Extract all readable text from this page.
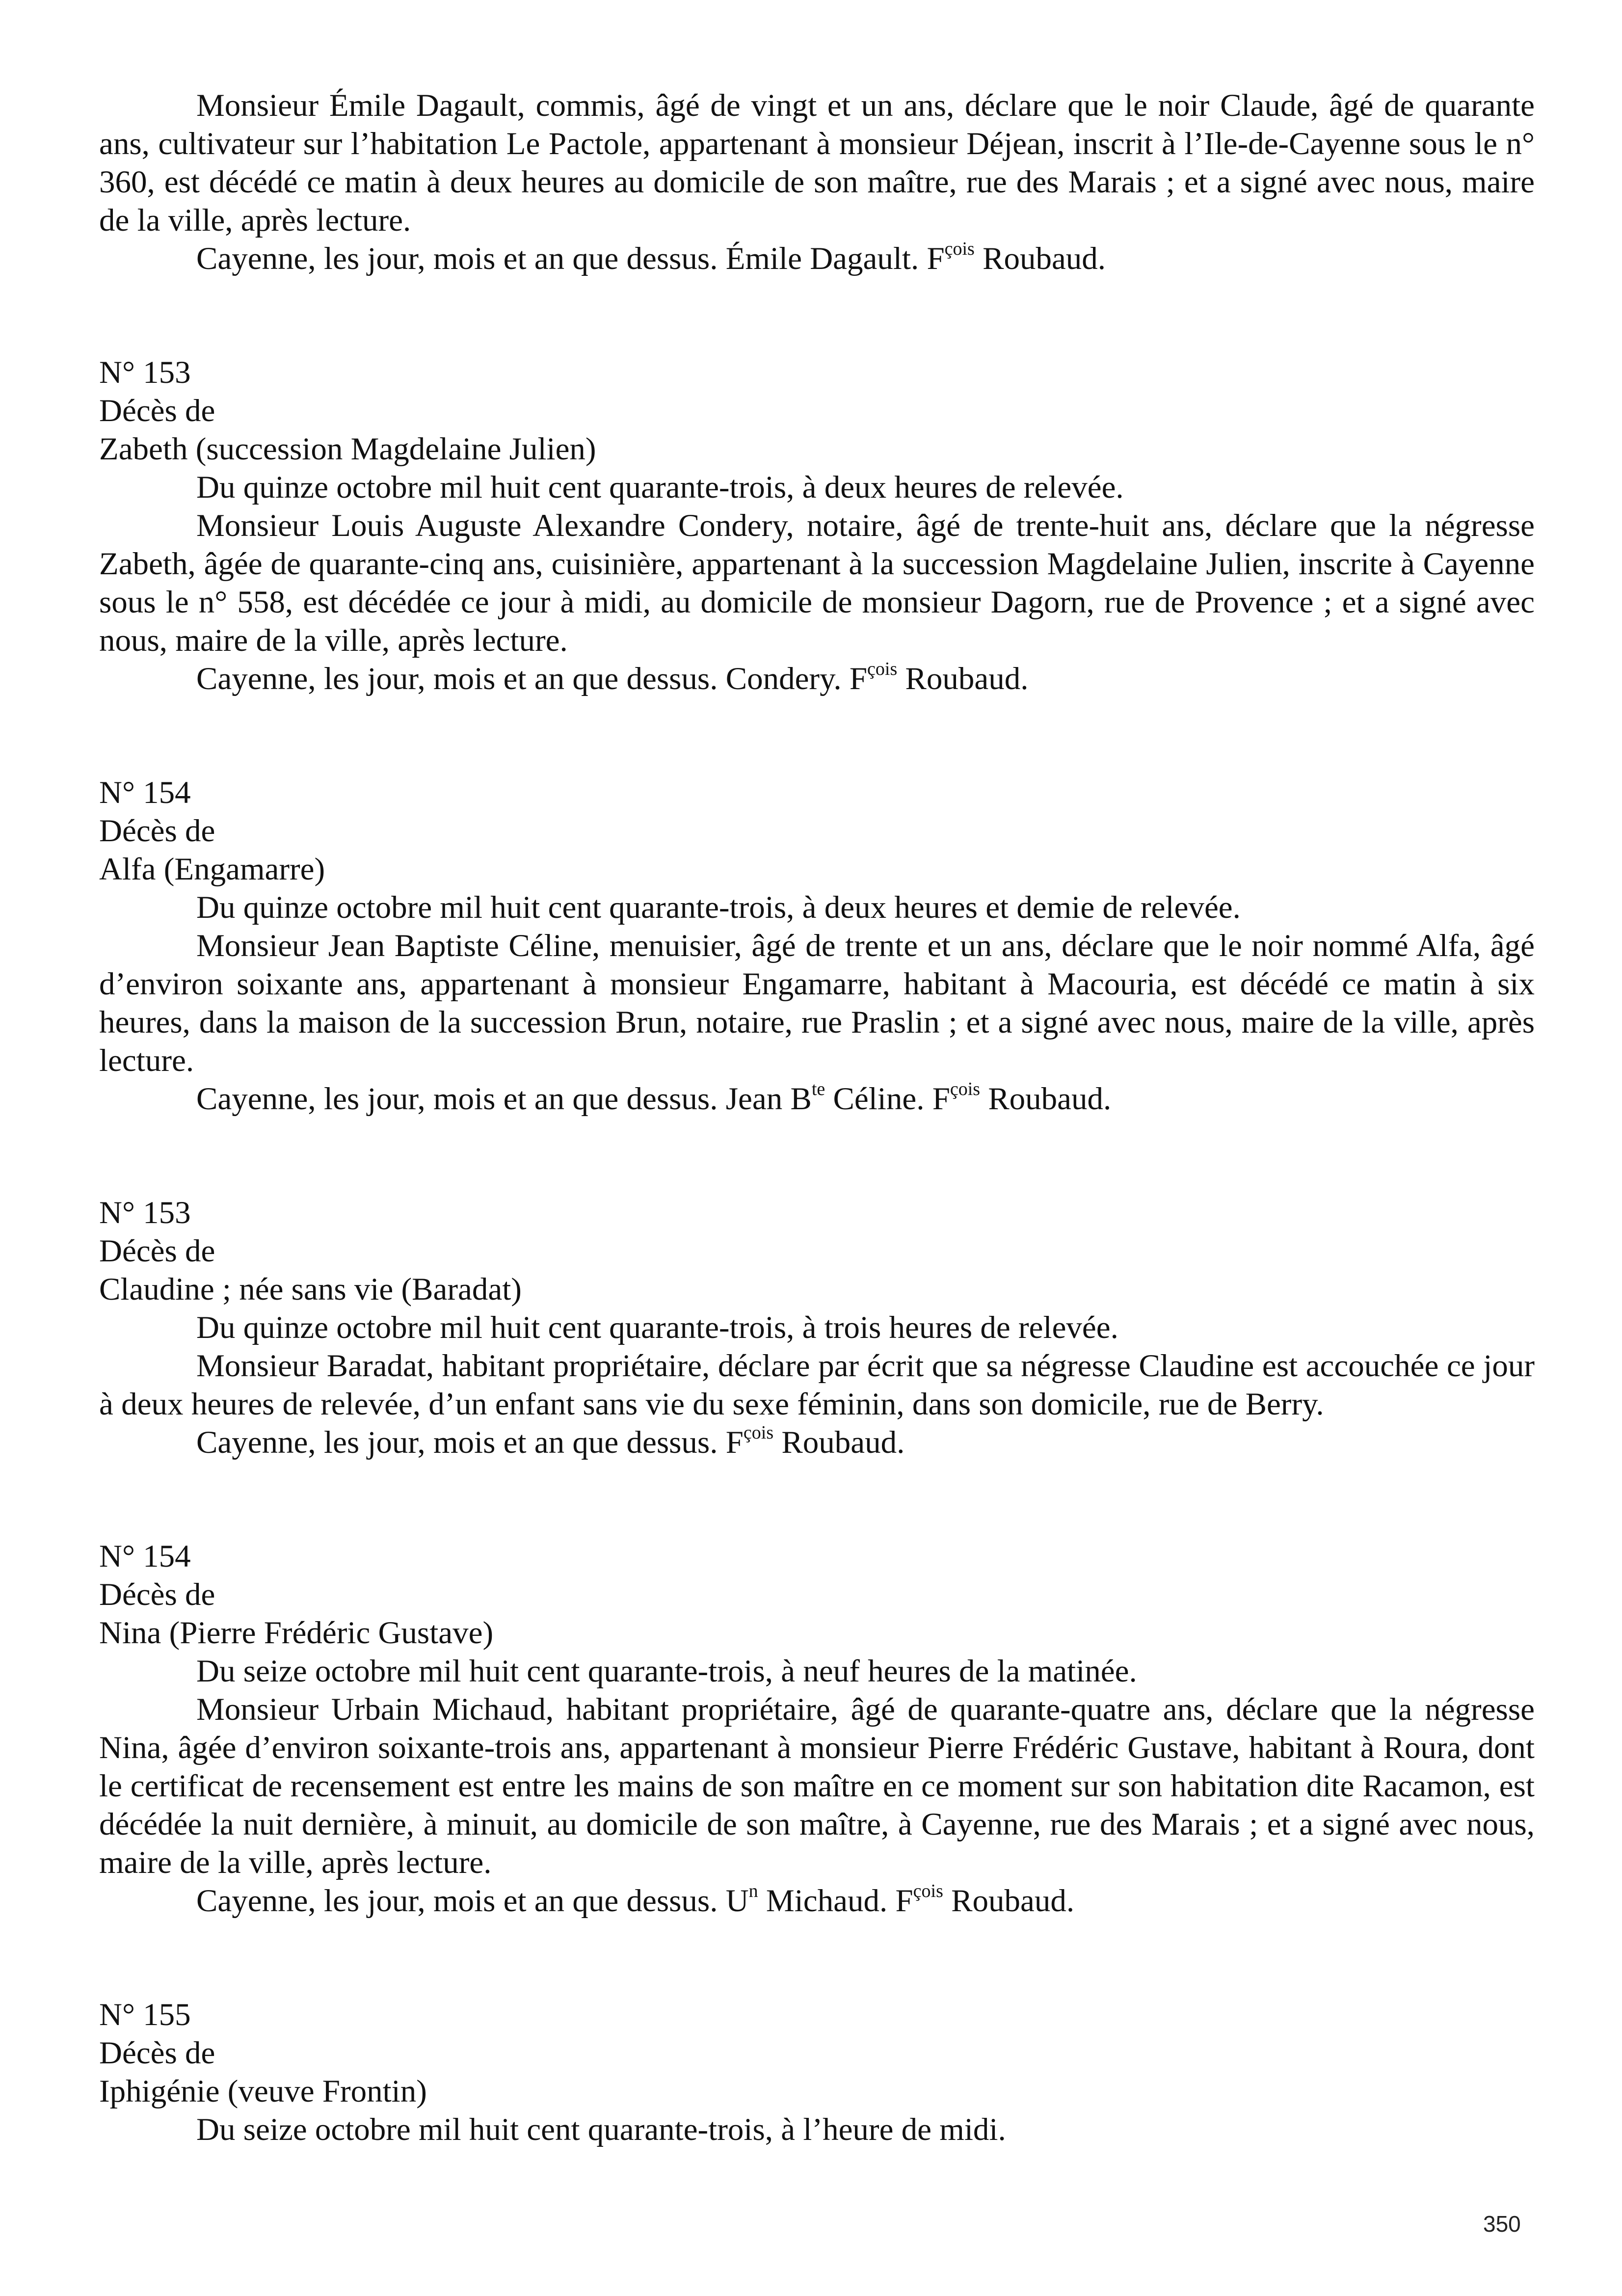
Monsieur Émile Dagault, commis, âgé de vingt et un ans, déclare que le noir Claude, âgé de quarante ans, cultivateur sur l’habitation Le Pactole, appartenant à monsieur Déjean, inscrit à l’Ile-de-Cayenne sous le n° 360, est décédé ce matin à deux heures au domicile de son maître, rue des Marais ; et a signé avec nous, maire de la ville, après lecture.

Cayenne, les jour, mois et an que dessus. Émile Dagault. $F^{çois}$ Roubaud.

N° 153

Décès de

Zabeth (succession Magdelaine Julien)

Du quinze octobre mil huit cent quarante-trois, à deux heures de relevée.

Monsieur Louis Auguste Alexandre Condery, notaire, âgé de trente-huit ans, déclare que la négresse Zabeth, âgée de quarante-cinq ans, cuisinière, appartenant à la succession Magdelaine Julien, inscrite à Cayenne sous le n° 558, est décédée ce jour à midi, au domicile de monsieur Dagorn, rue de Provence ; et a signé avec nous, maire de la ville, après lecture.

Cayenne, les jour, mois et an que dessus. Condery. $F^{çois}$ Roubaud.

N° 154

Décès de

Alfa (Engamarre)

Du quinze octobre mil huit cent quarante-trois, à deux heures et demie de relevée.

Monsieur Jean Baptiste Céline, menuisier, âgé de trente et un ans, déclare que le noir nommé Alfa, âgé d’environ soixante ans, appartenant à monsieur Engamarre, habitant à Macouria, est décédé ce matin à six heures, dans la maison de la succession Brun, notaire, rue Praslin ; et a signé avec nous, maire de la ville, après lecture.

Cayenne, les jour, mois et an que dessus. Jean $B^{te}$ Céline. $F^{çois}$ Roubaud.

N° 153

Décès de

Claudine ; née sans vie (Baradat)

Du quinze octobre mil huit cent quarante-trois, à trois heures de relevée.

Monsieur Baradat, habitant propriétaire, déclare par écrit que sa négresse Claudine est accouchée ce jour à deux heures de relevée, d’un enfant sans vie du sexe féminin, dans son domicile, rue de Berry.

Cayenne, les jour, mois et an que dessus. $F^{çois}$ Roubaud.

N° 154

Décès de

Nina (Pierre Frédéric Gustave)

Du seize octobre mil huit cent quarante-trois, à neuf heures de la matinée.

Monsieur Urbain Michaud, habitant propriétaire, âgé de quarante-quatre ans, déclare que la négresse Nina, âgée d’environ soixante-trois ans, appartenant à monsieur Pierre Frédéric Gustave, habitant à Roura, dont le certificat de recensement est entre les mains de son maître en ce moment sur son habitation dite Racamon, est décédée la nuit dernière, à minuit, au domicile de son maître, à Cayenne, rue des Marais ; et a signé avec nous, maire de la ville, après lecture.

Cayenne, les jour, mois et an que dessus. $U^n$ Michaud. $F^{çois}$ Roubaud.

N° 155

Décès de

Iphigénie (veuve Frontin)

Du seize octobre mil huit cent quarante-trois, à l’heure de midi.

350
